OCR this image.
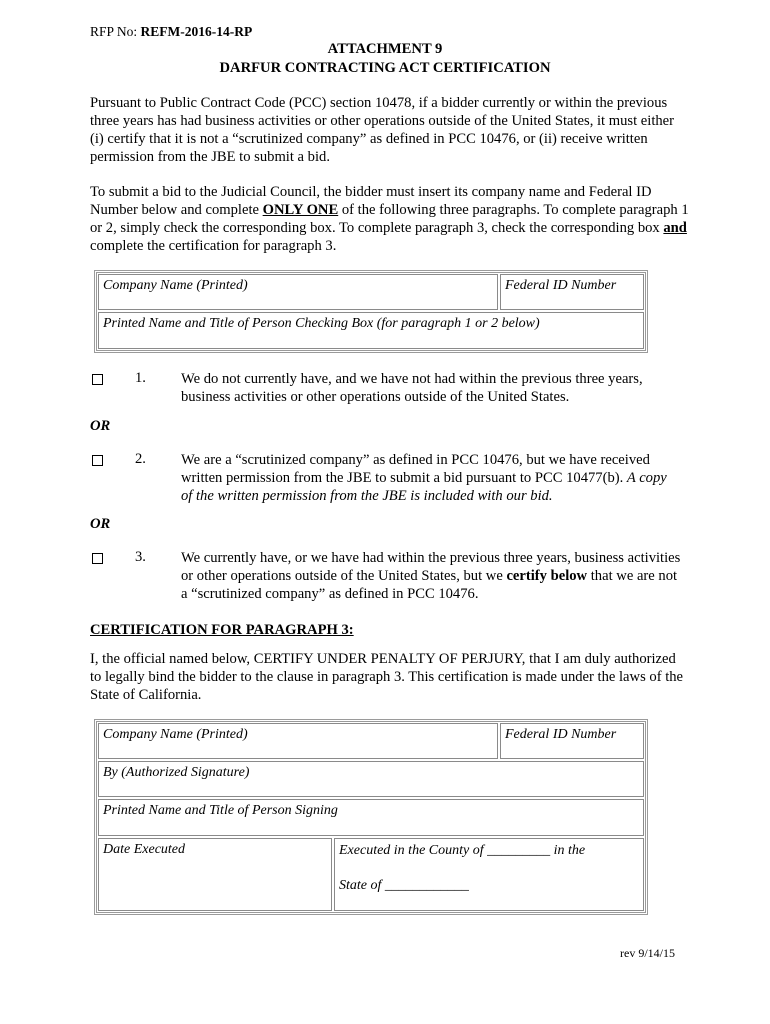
RFP No: REFM-2016-14-RP
ATTACHMENT 9
DARFUR CONTRACTING ACT CERTIFICATION
Pursuant to Public Contract Code (PCC) section 10478, if a bidder currently or within the previous three years has had business activities or other operations outside of the United States, it must either (i) certify that it is not a “scrutinized company” as defined in PCC 10476, or (ii) receive written permission from the JBE to submit a bid.
To submit a bid to the Judicial Council, the bidder must insert its company name and Federal ID Number below and complete ONLY ONE of the following three paragraphs. To complete paragraph 1 or 2, simply check the corresponding box. To complete paragraph 3, check the corresponding box and complete the certification for paragraph 3.
Company Name (Printed)	Federal ID Number
Printed Name and Title of Person Checking Box (for paragraph 1 or 2 below)
1. We do not currently have, and we have not had within the previous three years, business activities or other operations outside of the United States.
OR
2. We are a “scrutinized company” as defined in PCC 10476, but we have received written permission from the JBE to submit a bid pursuant to PCC 10477(b). A copy of the written permission from the JBE is included with our bid.
OR
3. We currently have, or we have had within the previous three years, business activities or other operations outside of the United States, but we certify below that we are not a “scrutinized company” as defined in PCC 10476.
CERTIFICATION FOR PARAGRAPH 3:
I, the official named below, CERTIFY UNDER PENALTY OF PERJURY, that I am duly authorized to legally bind the bidder to the clause in paragraph 3. This certification is made under the laws of the State of California.
Company Name (Printed)	Federal ID Number
By (Authorized Signature)
Printed Name and Title of Person Signing
Date Executed	Executed in the County of _________ in the
State of ____________
rev 9/14/15
